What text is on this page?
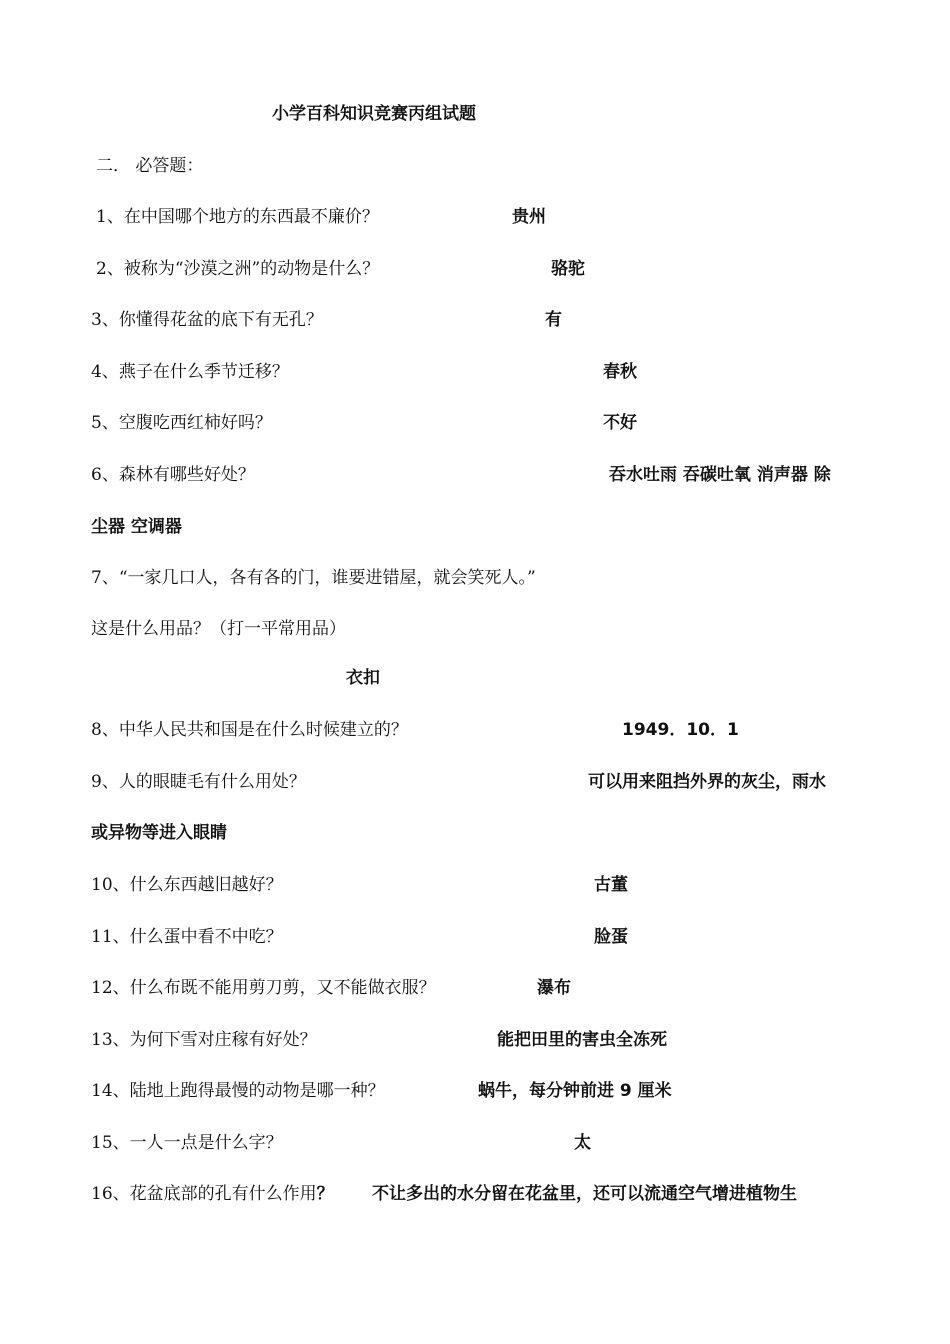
小学百科知识竞赛丙组试题
二． 必答题：
1、在中国哪个地方的东西最不廉价？	贵州
2、被称为“沙漠之洲”的动物是什么？	骆驼
3、你懂得花盆的底下有无孔？	有
4、燕子在什么季节迁移？	春秋
5、空腹吃西红柿好吗？	不好
6、森林有哪些好处？	吞水吐雨 吞碳吐氧 消声器 除
尘器 空调器
7、“一家几口人，各有各的门，谁要进错屋，就会笑死人。”
这是什么用品？（打一平常用品）
衣扣
8、中华人民共和国是在什么时候建立的？	1949．10．1
9、人的眼睫毛有什么用处？	可以用来阻挡外界的灰尘，雨水
或异物等进入眼睛
10、什么东西越旧越好？	古董
11、什么蛋中看不中吃？	脸蛋
12、什么布既不能用剪刀剪，又不能做衣服？	瀑布
13、为何下雪对庄稼有好处？	能把田里的害虫全冻死
14、陆地上跑得最慢的动物是哪一种？	蜗牛，每分钟前进 9 厘米
15、一人一点是什么字？	太
16、花盆底部的孔有什么作用？ 不让多出的水分留在花盆里，还可以流通空气增进植物生
